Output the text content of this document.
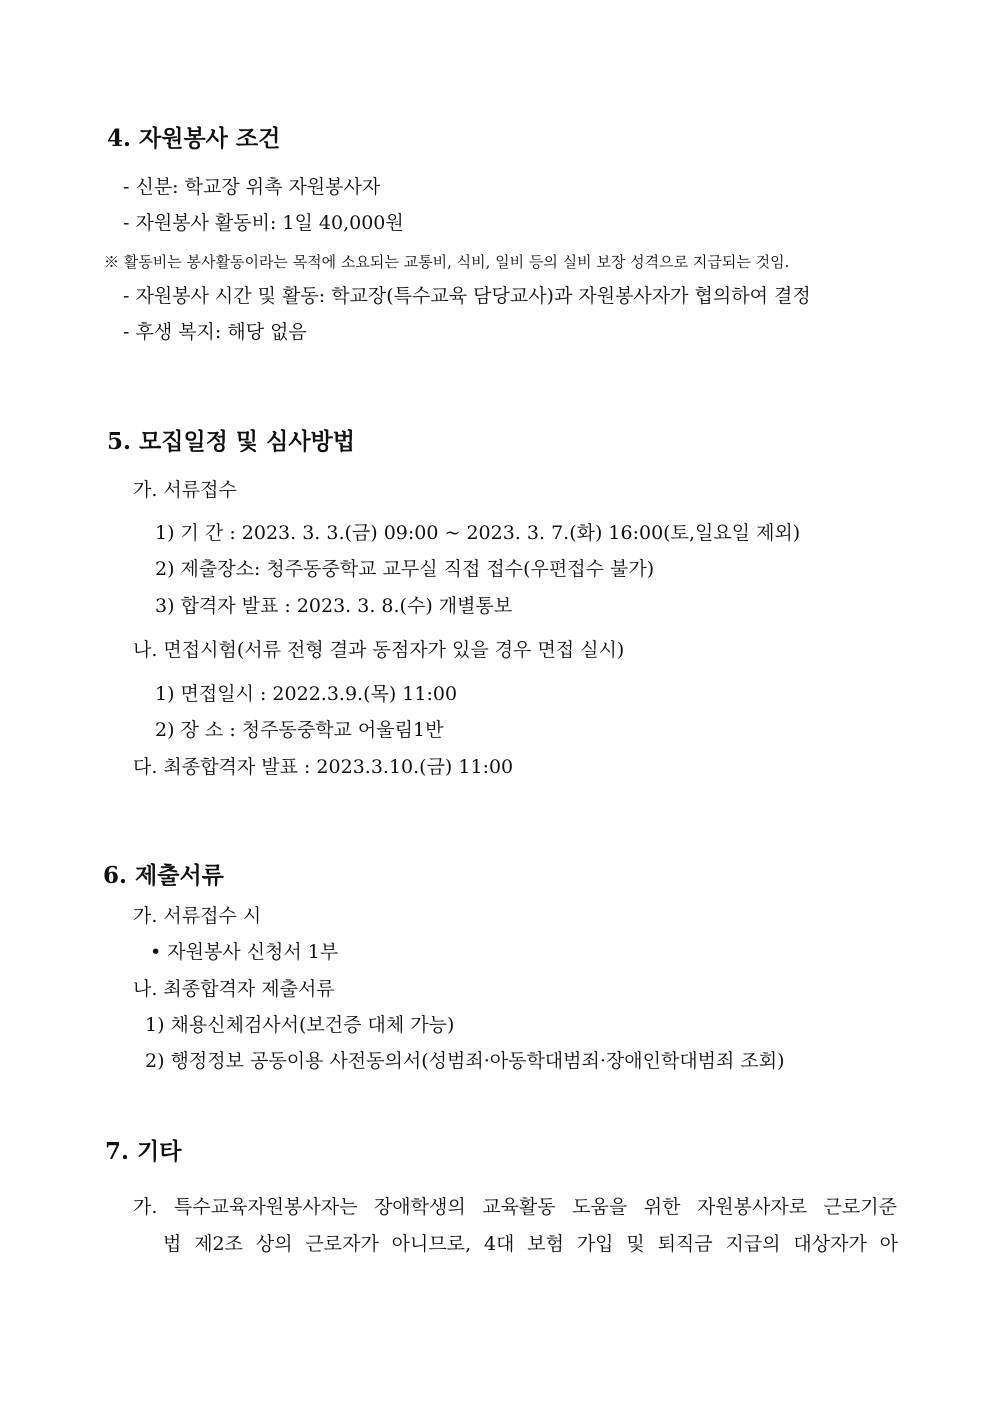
4. 자원봉사 조건
- 신분: 학교장 위촉 자원봉사자
- 자원봉사 활동비: 1일 40,000원
※ 활동비는 봉사활동이라는 목적에 소요되는 교통비, 식비, 일비 등의 실비 보장 성격으로 지급되는 것임.
- 자원봉사 시간 및 활동: 학교장(특수교육 담당교사)과 자원봉사자가 협의하여 결정
- 후생 복지: 해당 없음
5. 모집일정 및 심사방법
가. 서류접수
1) 기 간 : 2023. 3. 3.(금) 09:00 ~ 2023. 3. 7.(화) 16:00(토,일요일 제외)
2) 제출장소: 청주동중학교 교무실 직접 접수(우편접수 불가)
3) 합격자 발표 : 2023. 3. 8.(수) 개별통보
나. 면접시험(서류 전형 결과 동점자가 있을 경우 면접 실시)
1) 면접일시 : 2022.3.9.(목) 11:00
2) 장 소 : 청주동중학교 어울림1반
다. 최종합격자 발표 : 2023.3.10.(금) 11:00
6. 제출서류
가. 서류접수 시
• 자원봉사 신청서 1부
나. 최종합격자 제출서류
1) 채용신체검사서(보건증 대체 가능)
2) 행정정보 공동이용 사전동의서(성범죄·아동학대범죄·장애인학대범죄 조회)
7. 기타
가. 특수교육자원봉사자는 장애학생의 교육활동 도움을 위한 자원봉사자로 근로기준
법 제2조 상의 근로자가 아니므로, 4대 보험 가입 및 퇴직금 지급의 대상자가 아
